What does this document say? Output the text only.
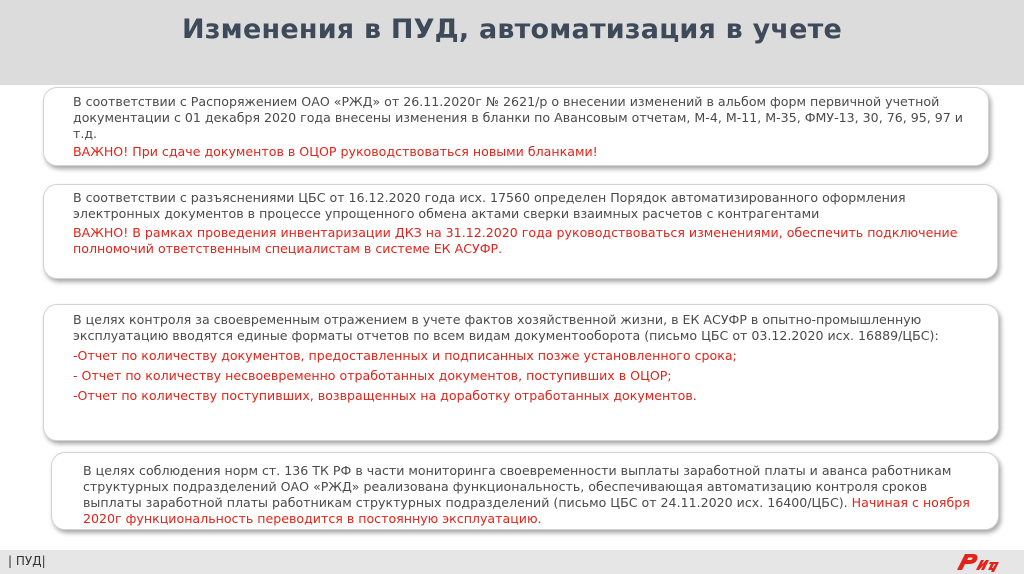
Изменения в ПУД, автоматизация в учете

В соответствии с Распоряжением ОАО «РЖД» от 26.11.2020г № 2621/р о внесении изменений в альбом форм первичной учетной документации с 01 декабря 2020 года внесены изменения в бланки по Авансовым отчетам, М-4, М-11, М-35, ФМУ-13, 30, 76, 95, 97 и т.д.

ВАЖНО! При сдаче документов в ОЦОР руководствоваться новыми бланками!

В соответствии с разъяснениями ЦБС от 16.12.2020 года исх. 17560 определен Порядок автоматизированного оформления электронных документов в процессе упрощенного обмена актами сверки взаимных расчетов с контрагентами

ВАЖНО! В рамках проведения инвентаризации ДКЗ на 31.12.2020 года руководствоваться изменениями, обеспечить подключение полномочий ответственным специалистам в системе ЕК АСУФР.

В целях контроля за своевременным отражением в учете фактов хозяйственной жизни, в ЕК АСУФР в опытно-промышленную эксплуатацию вводятся единые форматы отчетов по всем видам документооборота (письмо ЦБС от 03.12.2020 исх. 16889/ЦБС):

-Отчет по количеству документов, предоставленных и подписанных позже установленного срока;

- Отчет по количеству несвоевременно отработанных документов, поступивших в ОЦОР;

-Отчет по количеству поступивших, возвращенных на доработку отработанных документов.

В целях соблюдения норм ст. 136 ТК РФ в части мониторинга своевременности выплаты заработной платы и аванса работникам структурных подразделений ОАО «РЖД» реализована функциональность, обеспечивающая автоматизацию контроля сроков выплаты заработной платы работникам структурных подразделений (письмо ЦБС от 24.11.2020 исх. 16400/ЦБС). Начиная с ноября 2020г функциональность переводится в постоянную эксплуатацию.

| ПУД|
